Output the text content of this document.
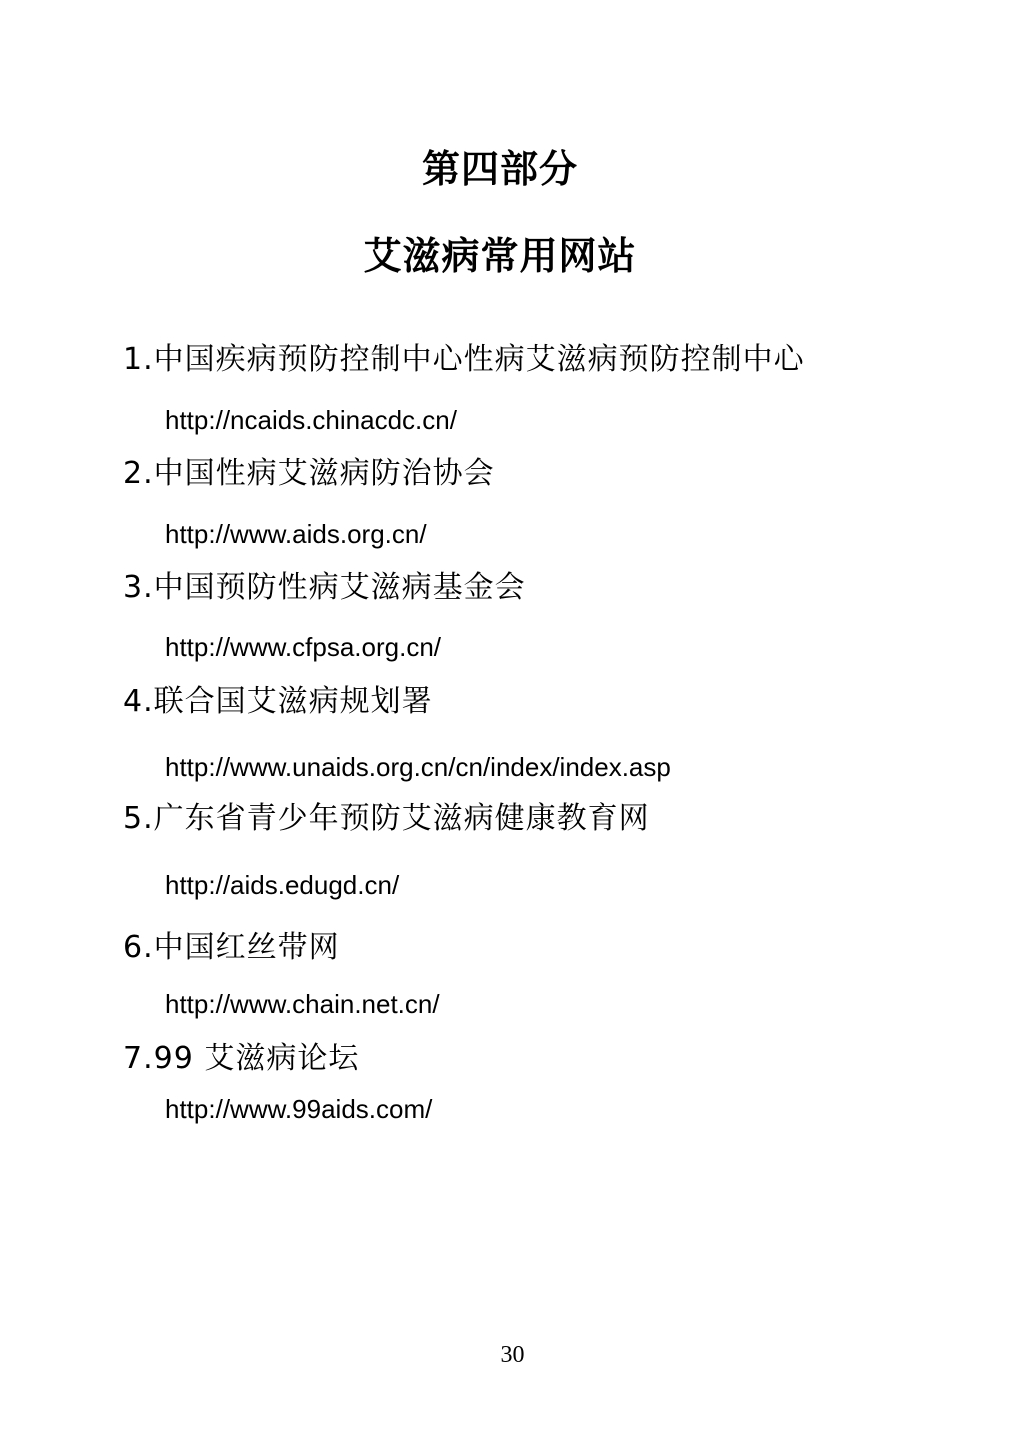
第四部分
艾滋病常用网站
1.中国疾病预防控制中心性病艾滋病预防控制中心
http://ncaids.chinacdc.cn/
2.中国性病艾滋病防治协会
http://www.aids.org.cn/
3.中国预防性病艾滋病基金会
http://www.cfpsa.org.cn/
4.联合国艾滋病规划署
http://www.unaids.org.cn/cn/index/index.asp
5.广东省青少年预防艾滋病健康教育网
http://aids.edugd.cn/
6.中国红丝带网
http://www.chain.net.cn/
7.99 艾滋病论坛
http://www.99aids.com/
30
